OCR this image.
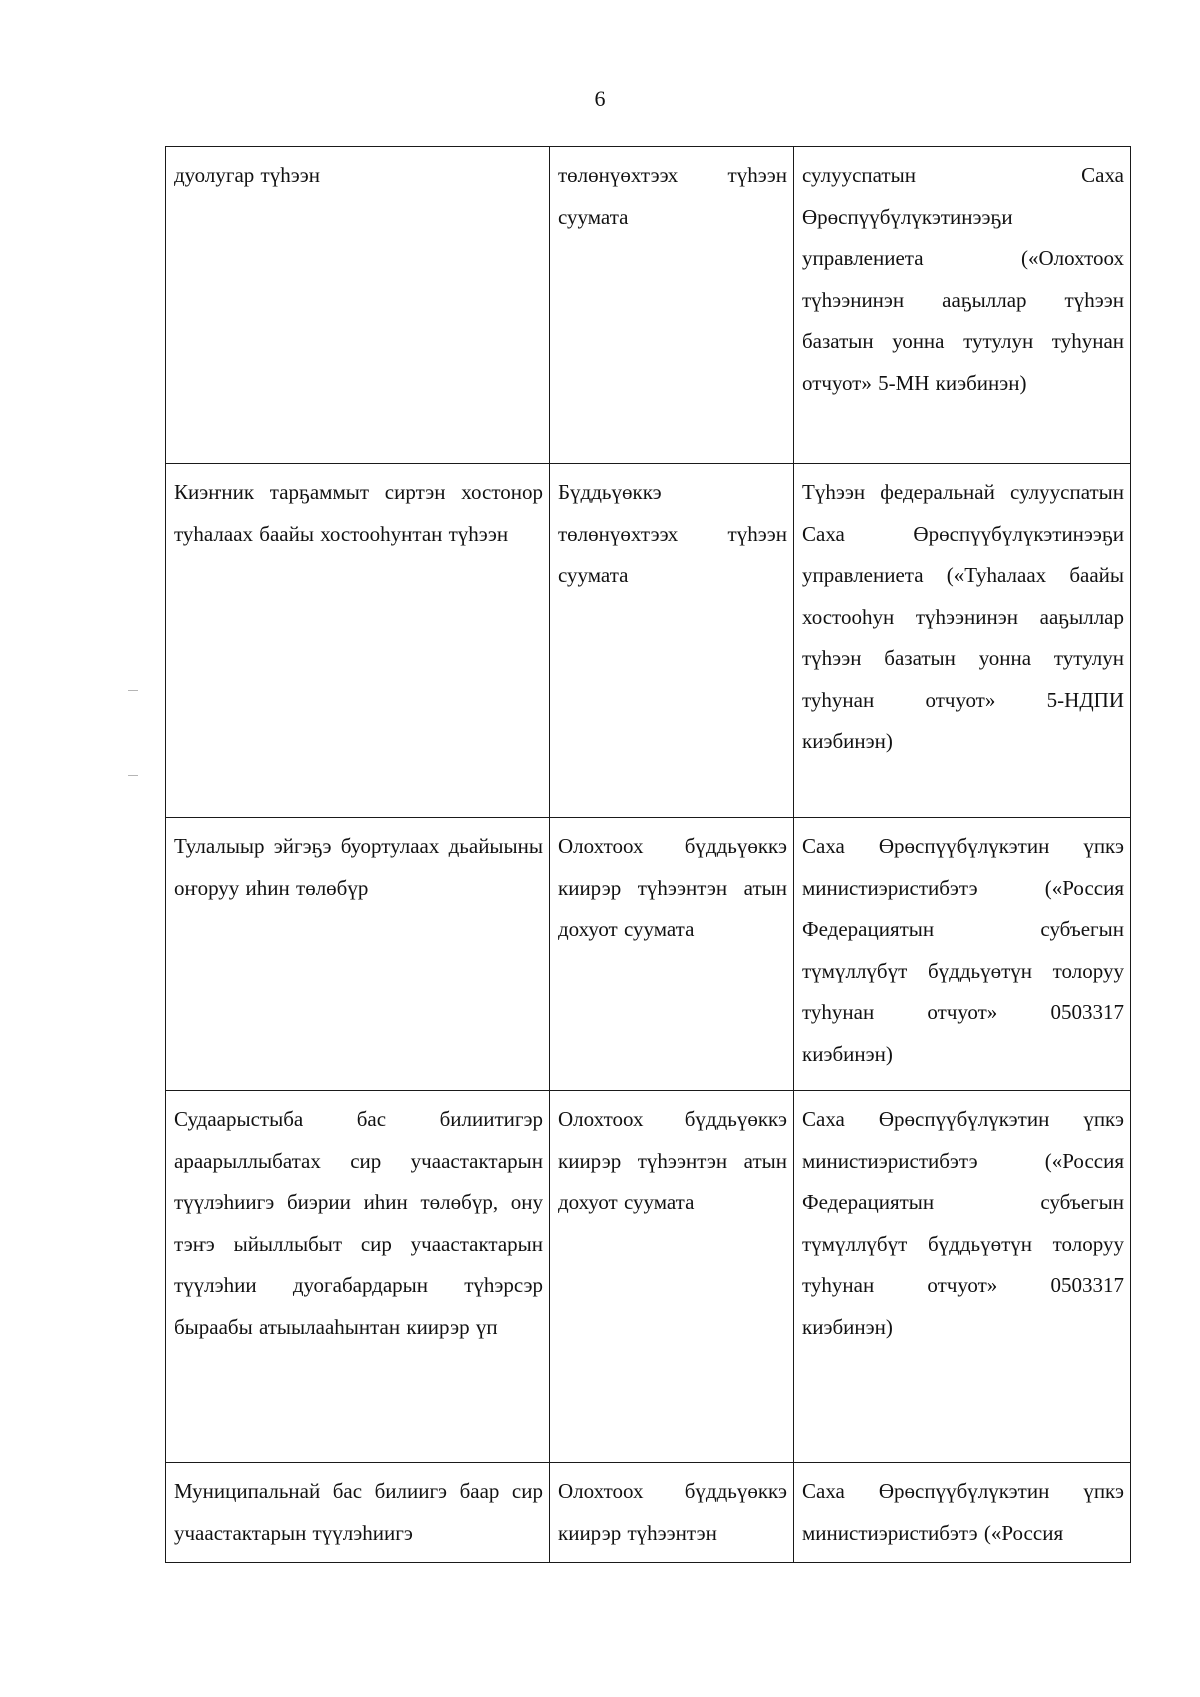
6
дуолугар түһээн	төлөнүөхтээх түһээн суумата	сулууспатын Саха Өрөспүүбүлүкэтинээҕи управлениета («Олохтоох түһээнинэн ааҕыллар түһээн базатын уонна тутулун туһунан отчуот» 5-МН киэбинэн)
Киэҥник тарҕаммыт сиртэн хостонор туһалаах баайы хостооһунтан түһээн	Бүддьүөккэ төлөнүөхтээх түһээн суумата	Түһээн федеральнай сулууспатын Саха Өрөспүүбүлүкэтинээҕи управлениета («Туһалаах баайы хостооһун түһээнинэн ааҕыллар түһээн базатын уонна тутулун туһунан отчуот» 5-НДПИ киэбинэн)
Тулалыыр эйгэҕэ буортулаах дьайыыны оҥоруу иһин төлөбүр	Олохтоох бүддьүөккэ киирэр түһээнтэн атын дохуот суумата	Саха Өрөспүүбүлүкэтин үпкэ министиэристибэтэ («Россия Федерациятын субъегын түмүллүбүт бүддьүөтүн толоруу туһунан отчуот» 0503317 киэбинэн)
Судаарыстыба бас билиитигэр араарыллыбатах сир учаастактарын түүлэһиигэ биэрии иһин төлөбүр, ону тэҥэ ыйыллыбыт сир учаастактарын түүлэһии дуогабардарын түһэрсэр быраабы атыылааһынтан киирэр үп	Олохтоох бүддьүөккэ киирэр түһээнтэн атын дохуот суумата	Саха Өрөспүүбүлүкэтин үпкэ министиэристибэтэ («Россия Федерациятын субъегын түмүллүбүт бүддьүөтүн толоруу туһунан отчуот» 0503317 киэбинэн)
Муниципальнай бас билиигэ баар сир учаастактарын түүлэһиигэ	Олохтоох бүддьүөккэ киирэр түһээнтэн	Саха Өрөспүүбүлүкэтин үпкэ министиэристибэтэ («Россия
